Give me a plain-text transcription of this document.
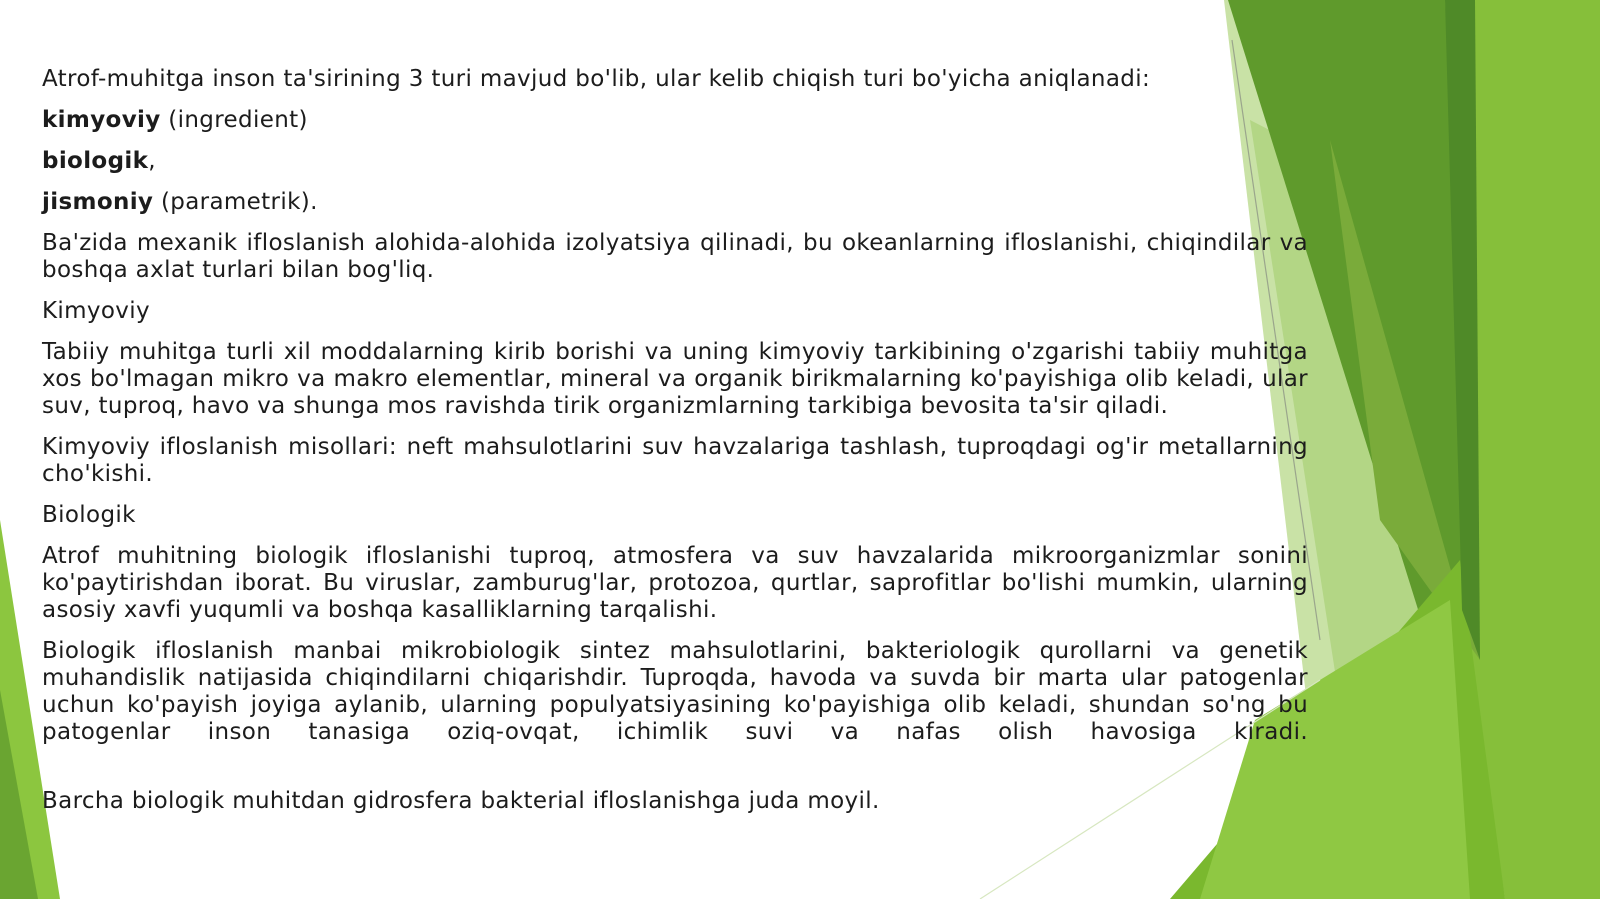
Atrof-muhitga inson ta'sirining 3 turi mavjud bo'lib, ular kelib chiqish turi bo'yicha aniqlanadi:
kimyoviy (ingredient)
biologik,
jismoniy (parametrik).
Ba'zida mexanik ifloslanish alohida-alohida izolyatsiya qilinadi, bu okeanlarning ifloslanishi, chiqindilar va boshqa axlat turlari bilan bog'liq.
Kimyoviy
Tabiiy muhitga turli xil moddalarning kirib borishi va uning kimyoviy tarkibining o'zgarishi tabiiy muhitga xos bo'lmagan mikro va makro elementlar, mineral va organik birikmalarning ko'payishiga olib keladi, ular suv, tuproq, havo va shunga mos ravishda tirik organizmlarning tarkibiga bevosita ta'sir qiladi.
Kimyoviy ifloslanish misollari: neft mahsulotlarini suv havzalariga tashlash, tuproqdagi og'ir metallarning cho'kishi.
Biologik
Atrof muhitning biologik ifloslanishi tuproq, atmosfera va suv havzalarida mikroorganizmlar sonini ko'paytirishdan iborat. Bu viruslar, zamburug'lar, protozoa, qurtlar, saprofitlar bo'lishi mumkin, ularning asosiy xavfi yuqumli va boshqa kasalliklarning tarqalishi.
Biologik ifloslanish manbai mikrobiologik sintez mahsulotlarini, bakteriologik qurollarni va genetik muhandislik natijasida chiqindilarni chiqarishdir. Tuproqda, havoda va suvda bir marta ular patogenlar uchun ko'payish joyiga aylanib, ularning populyatsiyasining ko'payishiga olib keladi, shundan so'ng bu patogenlar inson tanasiga oziq-ovqat, ichimlik suvi va nafas olish havosiga kiradi.
Barcha biologik muhitdan gidrosfera bakterial ifloslanishga juda moyil.
